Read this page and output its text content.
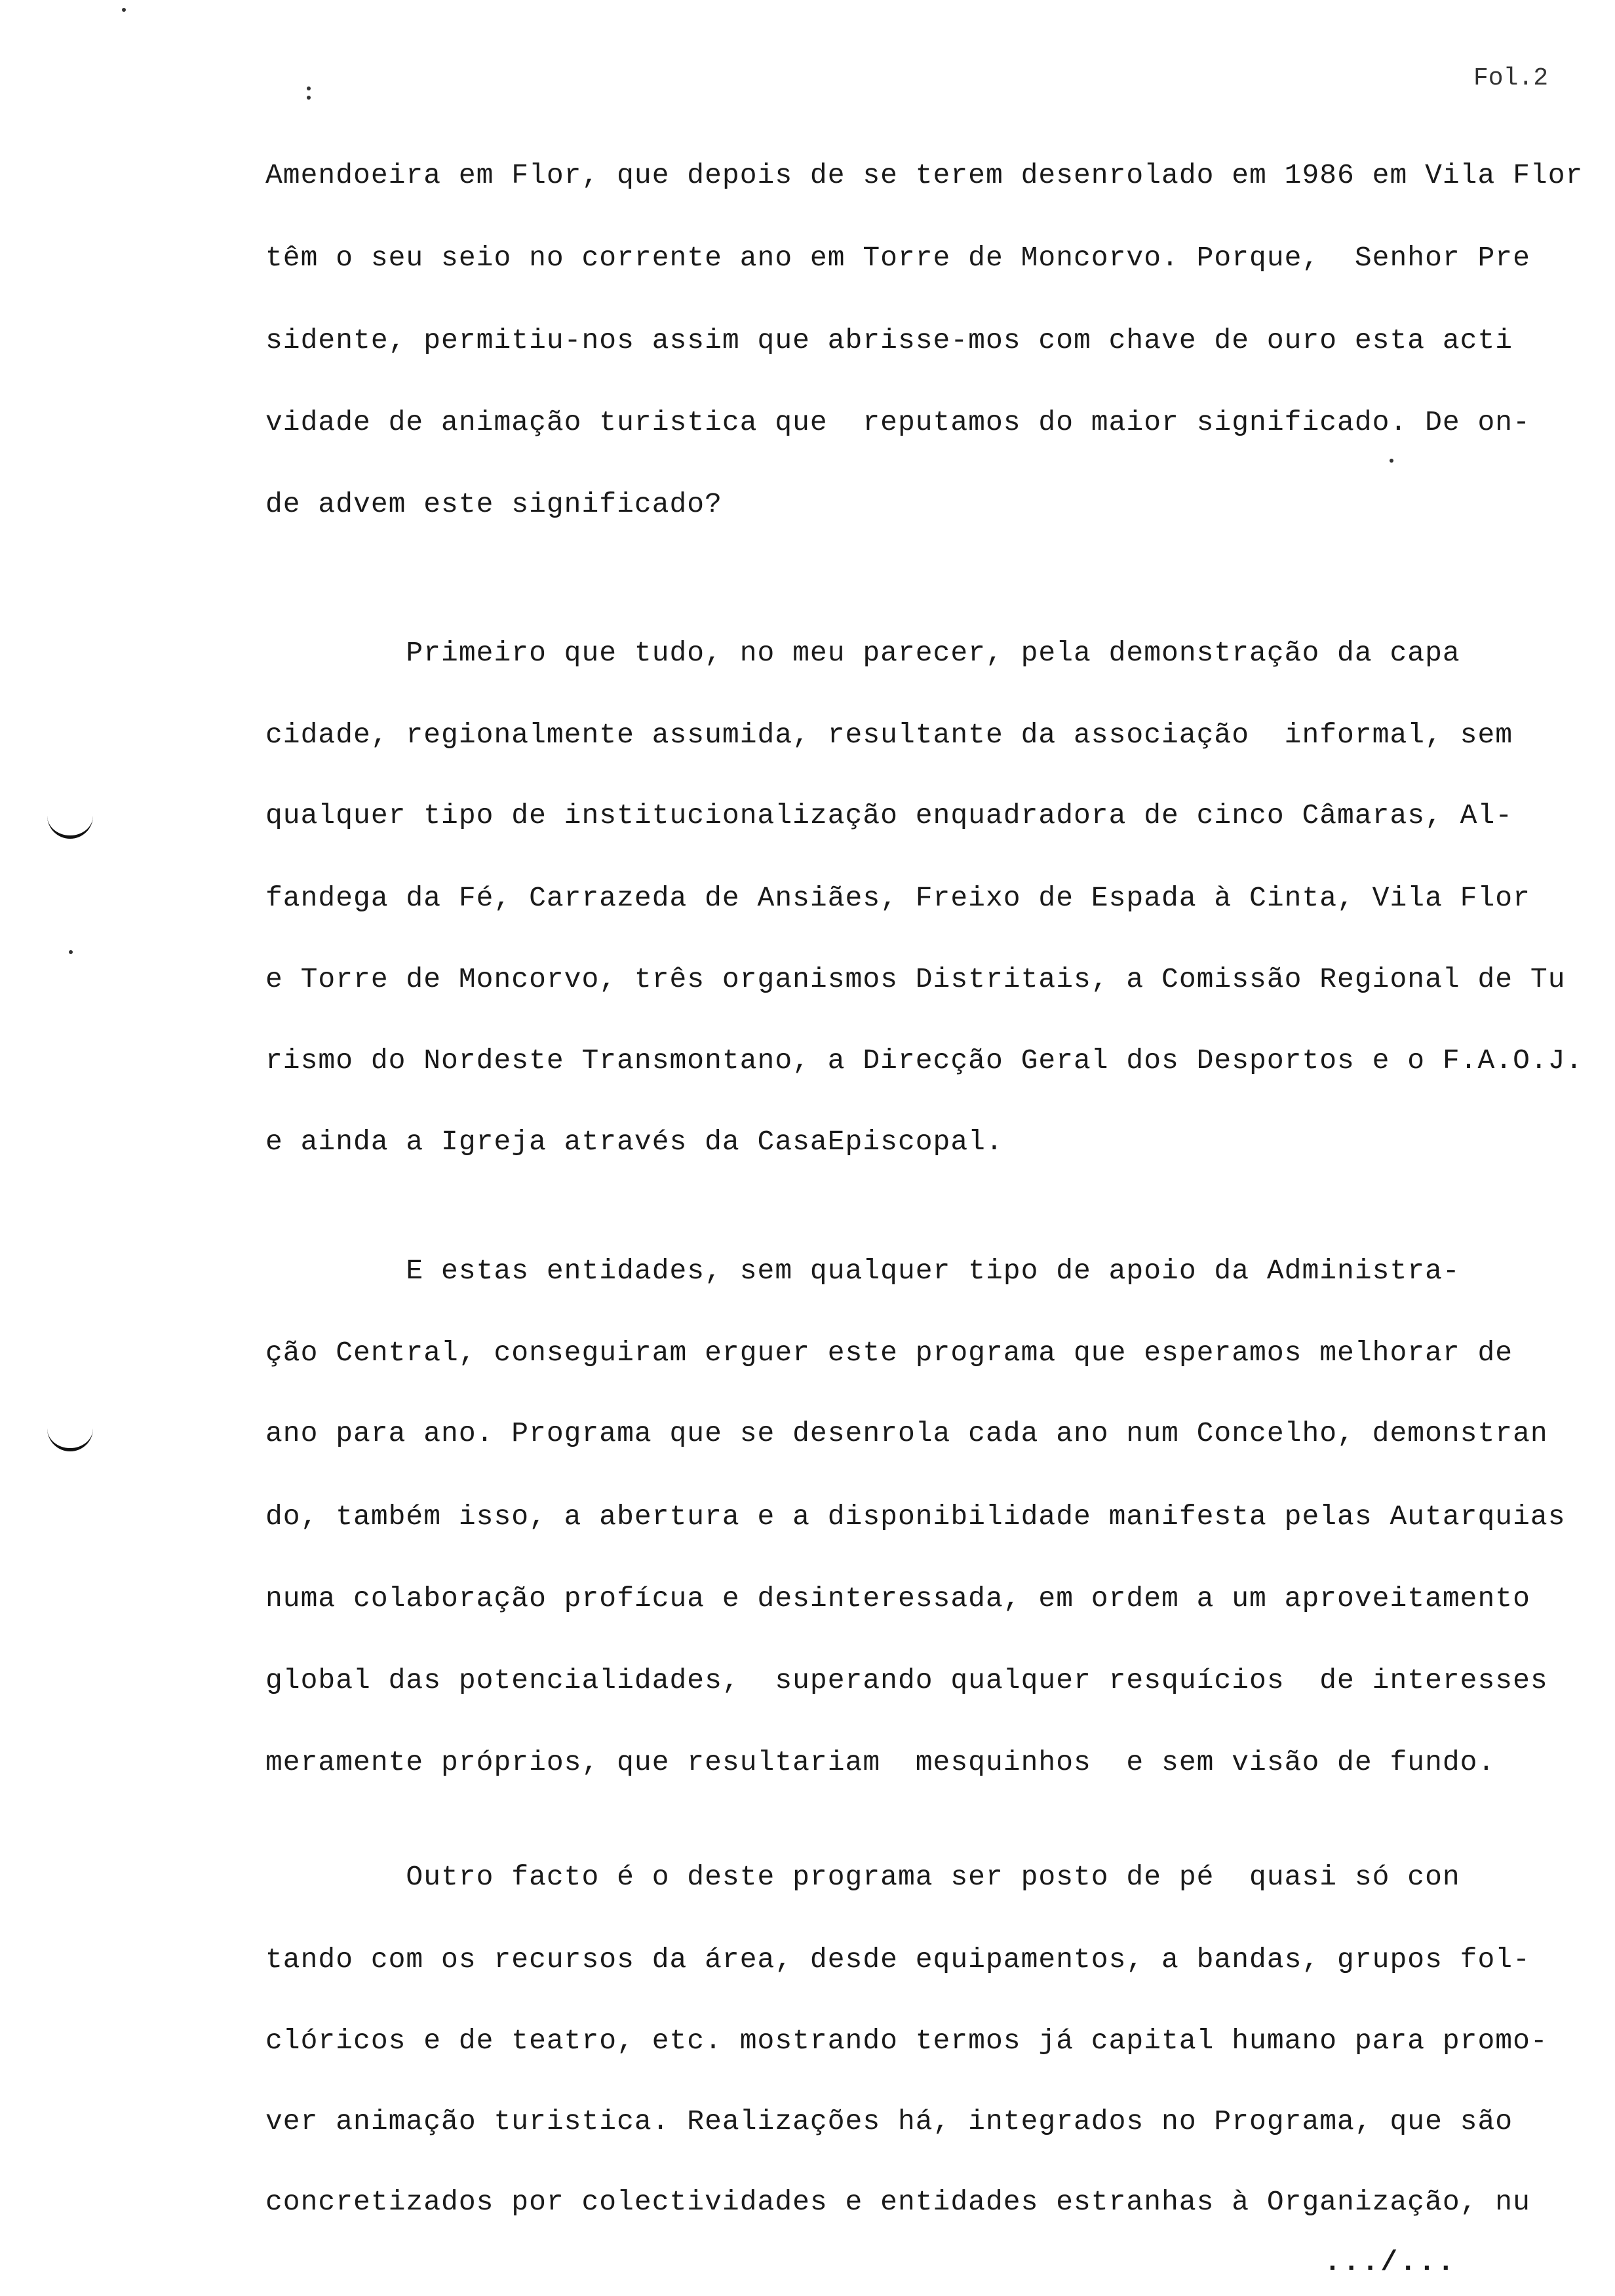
Fol.2
Amendoeira em Flor, que depois de se terem desenrolado em 1986 em Vila Flor
têm o seu seio no corrente ano em Torre de Moncorvo. Porque,  Senhor Pre
sidente, permitiu-nos assim que abrisse-mos com chave de ouro esta acti
vidade de animação turistica que  reputamos do maior significado. De on-
de advem este significado?
Primeiro que tudo, no meu parecer, pela demonstração da capa
cidade, regionalmente assumida, resultante da associação  informal, sem
qualquer tipo de institucionalização enquadradora de cinco Câmaras, Al-
fandega da Fé, Carrazeda de Ansiães, Freixo de Espada à Cinta, Vila Flor
e Torre de Moncorvo, três organismos Distritais, a Comissão Regional de Tu
rismo do Nordeste Transmontano, a Direcção Geral dos Desportos e o F.A.O.J.
e ainda a Igreja através da CasaEpiscopal.
E estas entidades, sem qualquer tipo de apoio da Administra-
ção Central, conseguiram erguer este programa que esperamos melhorar de
ano para ano. Programa que se desenrola cada ano num Concelho, demonstran
do, também isso, a abertura e a disponibilidade manifesta pelas Autarquias
numa colaboração profícua e desinteressada, em ordem a um aproveitamento
global das potencialidades,  superando qualquer resquícios  de interesses
meramente próprios, que resultariam  mesquinhos  e sem visão de fundo.
Outro facto é o deste programa ser posto de pé  quasi só con
tando com os recursos da área, desde equipamentos, a bandas, grupos fol-
clóricos e de teatro, etc. mostrando termos já capital humano para promo-
ver animação turistica. Realizações há, integrados no Programa, que são
concretizados por colectividades e entidades estranhas à Organização, nu
.../...
